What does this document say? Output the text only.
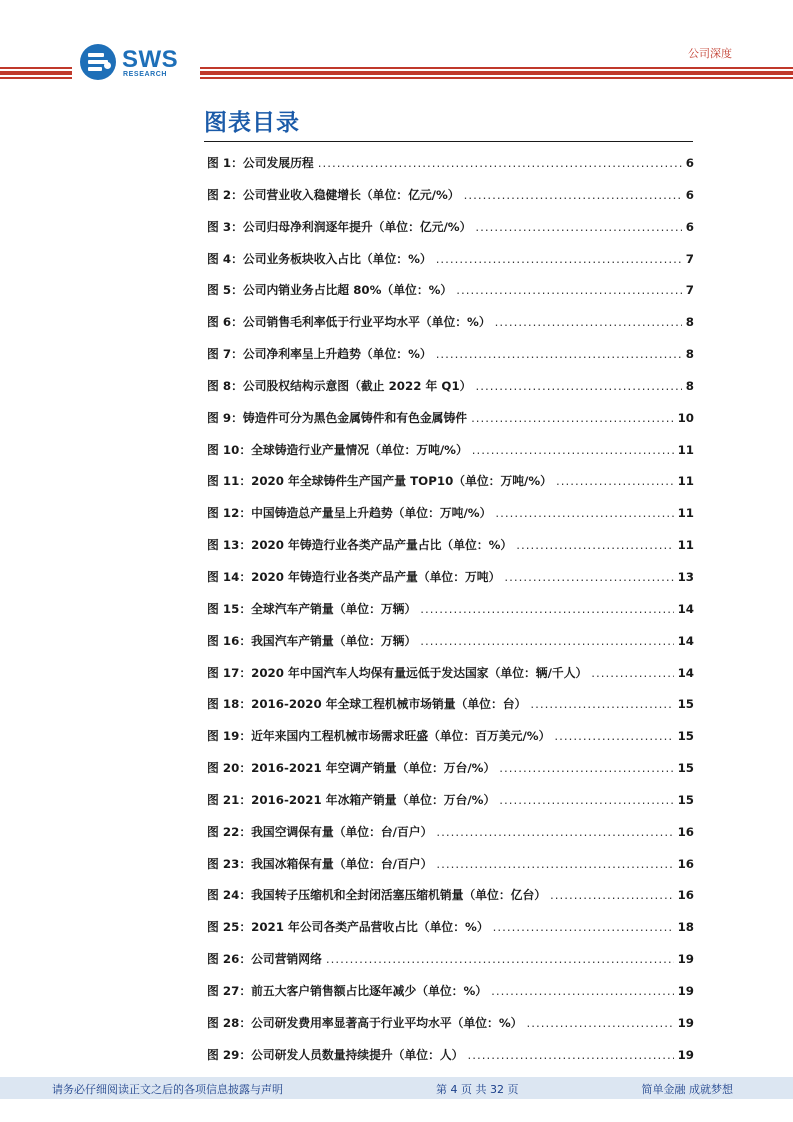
SWS
RESEARCH
公司深度
图表目录
图 1：公司发展历程 .....	6
图 2：公司营业收入稳健增长（单位：亿元/%） .....	6
图 3：公司归母净利润逐年提升（单位：亿元/%） .....	6
图 4：公司业务板块收入占比（单位：%） .....	7
图 5：公司内销业务占比超 80%（单位：%） .....	7
图 6：公司销售毛利率低于行业平均水平（单位：%） .....	8
图 7：公司净利率呈上升趋势（单位：%） .....	8
图 8：公司股权结构示意图（截止 2022 年 Q1） .....	8
图 9：铸造件可分为黑色金属铸件和有色金属铸件 .....	10
图 10：全球铸造行业产量情况（单位：万吨/%） .....	11
图 11：2020 年全球铸件生产国产量 TOP10（单位：万吨/%） .....	11
图 12：中国铸造总产量呈上升趋势（单位：万吨/%） .....	11
图 13：2020 年铸造行业各类产品产量占比（单位：%） .....	11
图 14：2020 年铸造行业各类产品产量（单位：万吨） .....	13
图 15：全球汽车产销量（单位：万辆） .....	14
图 16：我国汽车产销量（单位：万辆） .....	14
图 17：2020 年中国汽车人均保有量远低于发达国家（单位：辆/千人） .....	14
图 18：2016-2020 年全球工程机械市场销量（单位：台） .....	15
图 19：近年来国内工程机械市场需求旺盛（单位：百万美元/%） .....	15
图 20：2016-2021 年空调产销量（单位：万台/%） .....	15
图 21：2016-2021 年冰箱产销量（单位：万台/%） .....	15
图 22：我国空调保有量（单位：台/百户） .....	16
图 23：我国冰箱保有量（单位：台/百户） .....	16
图 24：我国转子压缩机和全封闭活塞压缩机销量（单位：亿台） .....	16
图 25：2021 年公司各类产品营收占比（单位：%） .....	18
图 26：公司营销网络 .....	19
图 27：前五大客户销售额占比逐年减少（单位：%） .....	19
图 28：公司研发费用率显著高于行业平均水平（单位：%） .....	19
图 29：公司研发人员数量持续提升（单位：人） .....	19
请务必仔细阅读正文之后的各项信息披露与声明	第 4 页 共 32 页	简单金融 成就梦想
